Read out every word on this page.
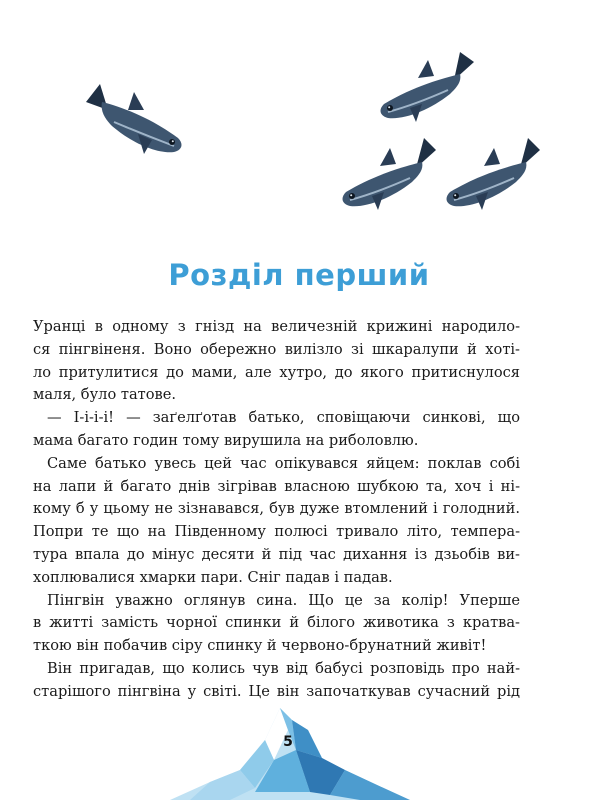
Розділ перший
Уранці в одному з гнізд на величезній крижині народило-
ся пінгвіненя. Воно обережно вилізло зі шкаралупи й хоті-
ло притулитися до мами, але хутро, до якого притиснулося
маля, було татове.
— І-і-і-і! — заґелґотав батько, сповіщаючи синкові, що
мама багато годин тому вирушила на риболовлю.
Саме батько увесь цей час опікувався яйцем: поклав собі
на лапи й багато днів зігрівав власною шубкою та, хоч і ні-
кому б у цьому не зізнавався, був дуже втомлений і голодний.
Попри те що на Південному полюсі тривало літо, темпера-
тура впала до мінус десяти й під час дихання із дзьобів ви-
хоплювалися хмарки пари. Сніг падав і падав.
Пінгвін уважно оглянув сина. Що це за колір! Уперше
в житті замість чорної спинки й білого животика з кратва-
ткою він побачив сіру спинку й червоно-брунатний живіт!
Він пригадав, що колись чув від бабусі розповідь про най-
старішого пінгвіна у світі. Це він започаткував сучасний рід
5
